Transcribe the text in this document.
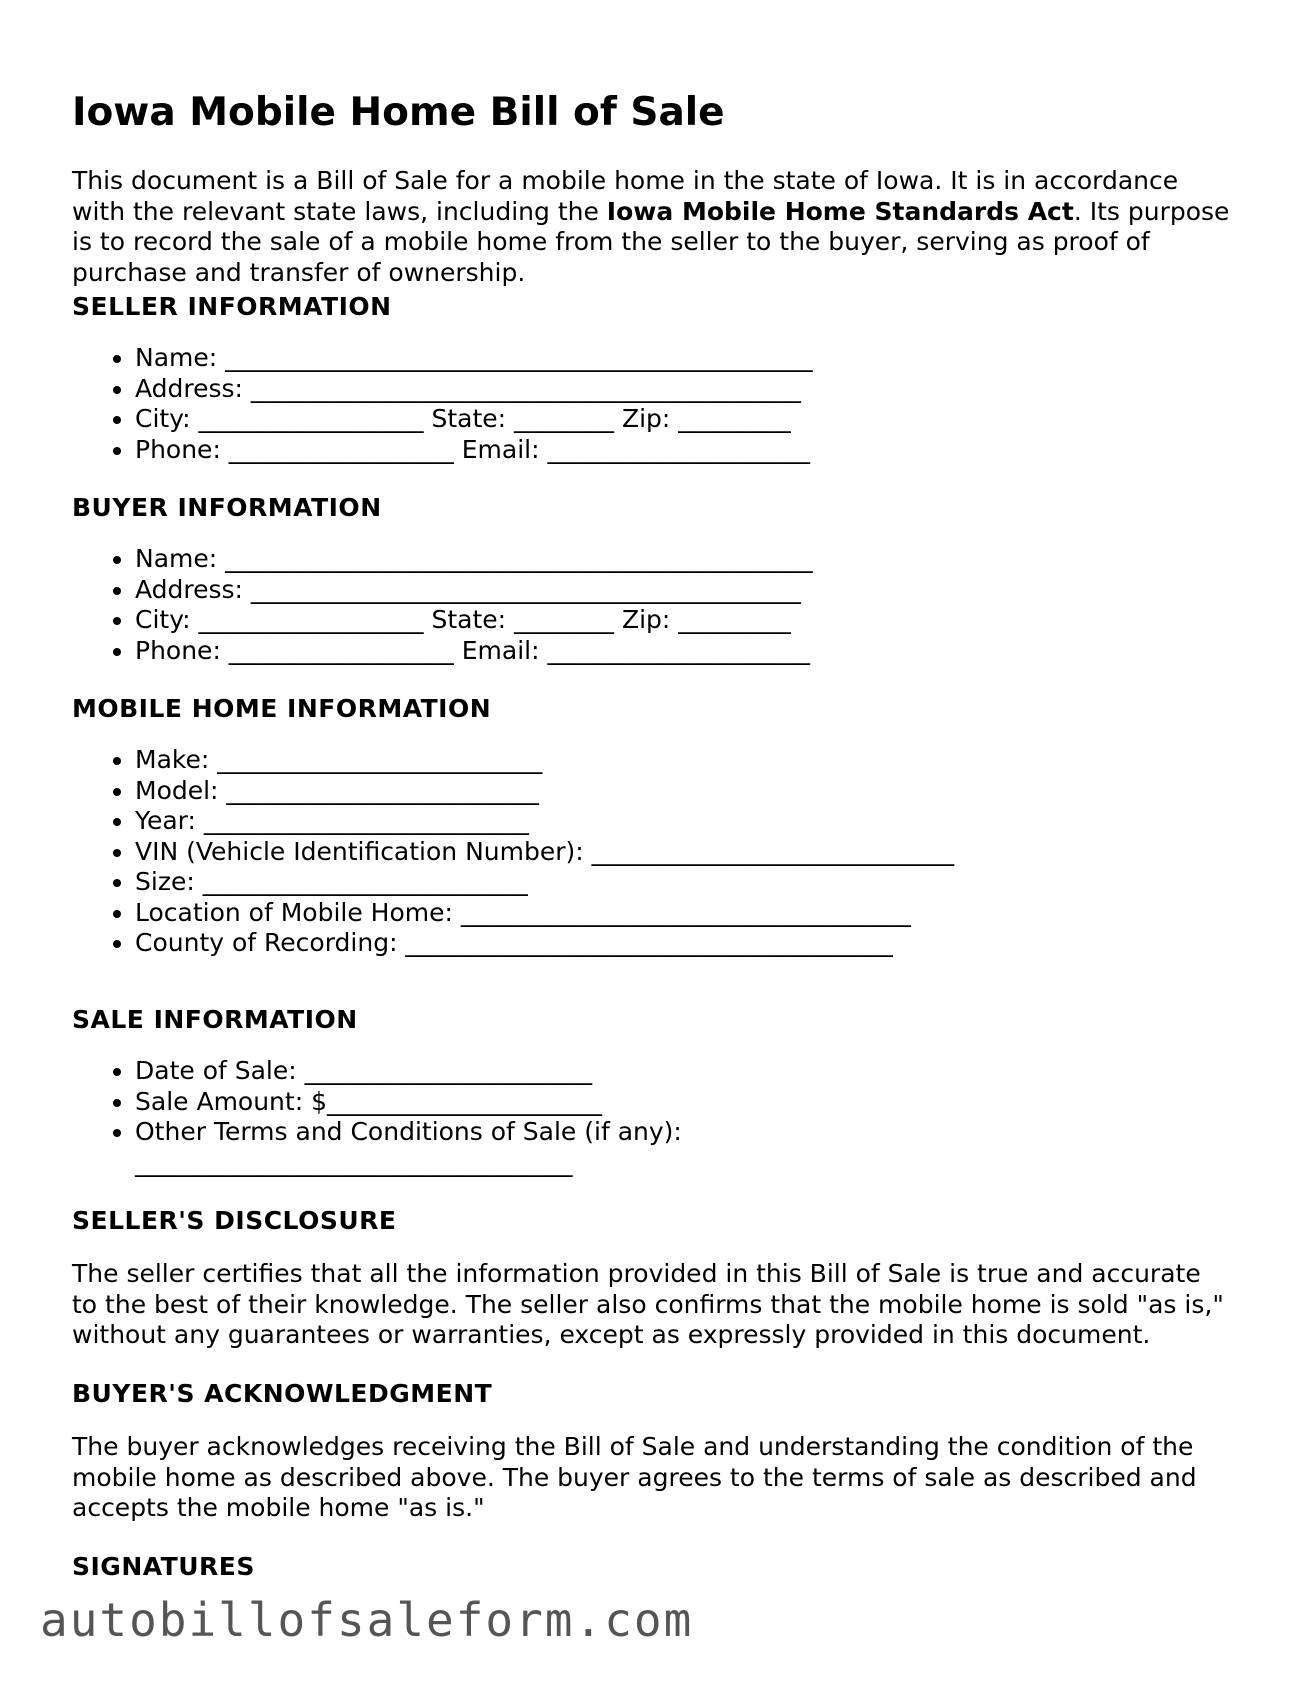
Iowa Mobile Home Bill of Sale

This document is a Bill of Sale for a mobile home in the state of Iowa. It is in accordance with the relevant state laws, including the Iowa Mobile Home Standards Act. Its purpose is to record the sale of a mobile home from the seller to the buyer, serving as proof of purchase and transfer of ownership.

SELLER INFORMATION
• Name: _______________________________________________
• Address: ____________________________________________
• City: __________________ State: ________ Zip: _________
• Phone: __________________ Email: _____________________
BUYER INFORMATION
• Name: _______________________________________________
• Address: ____________________________________________
• City: __________________ State: ________ Zip: _________
• Phone: __________________ Email: _____________________
MOBILE HOME INFORMATION
• Make: __________________________
• Model: _________________________
• Year: __________________________
• VIN (Vehicle Identification Number): _____________________________
• Size: __________________________
• Location of Mobile Home: ____________________________________
• County of Recording: _______________________________________
SALE INFORMATION
• Date of Sale: _______________________
• Sale Amount: $______________________
• Other Terms and Conditions of Sale (if any):
___________________________________
SELLER'S DISCLOSURE

The seller certifies that all the information provided in this Bill of Sale is true and accurate to the best of their knowledge. The seller also confirms that the mobile home is sold "as is," without any guarantees or warranties, except as expressly provided in this document.

BUYER'S ACKNOWLEDGMENT

The buyer acknowledges receiving the Bill of Sale and understanding the condition of the mobile home as described above. The buyer agrees to the terms of sale as described and accepts the mobile home "as is."

SIGNATURES
autobillofsaleform.com
